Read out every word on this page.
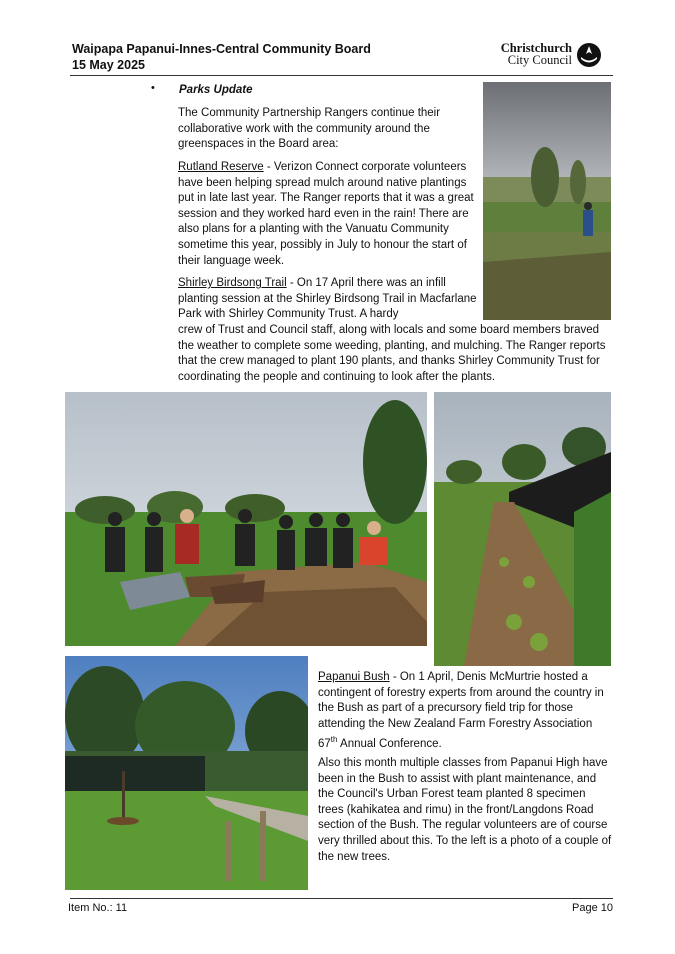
Waipapa Papanui-Innes-Central Community Board
15 May 2025
Christchurch
City Council
• Parks Update

The Community Partnership Rangers continue their collaborative work with the community around the greenspaces in the Board area:

Rutland Reserve - Verizon Connect corporate volunteers have been helping spread mulch around native plantings put in late last year. The Ranger reports that it was a great session and they worked hard even in the rain! There are also plans for a planting with the Vanuatu Community sometime this year, possibly in July to honour the start of their language week.

Shirley Birdsong Trail - On 17 April there was an infill planting session at the Shirley Birdsong Trail in Macfarlane Park with Shirley Community Trust. A hardy

crew of Trust and Council staff, along with locals and some board members braved the weather to complete some weeding, planting, and mulching. The Ranger reports that the crew managed to plant 190 plants, and thanks Shirley Community Trust for coordinating the people and continuing to look after the plants.

Papanui Bush - On 1 April, Denis McMurtrie hosted a contingent of forestry experts from around the country in the Bush as part of a precursory field trip for those attending the New Zealand Farm Forestry Association 67th Annual Conference.

Also this month multiple classes from Papanui High have been in the Bush to assist with plant maintenance, and the Council's Urban Forest team planted 8 specimen trees (kahikatea and rimu) in the front/Langdons Road section of the Bush. The regular volunteers are of course very thrilled about this. To the left is a photo of a couple of the new trees.

Item No.: 11	Page 10
